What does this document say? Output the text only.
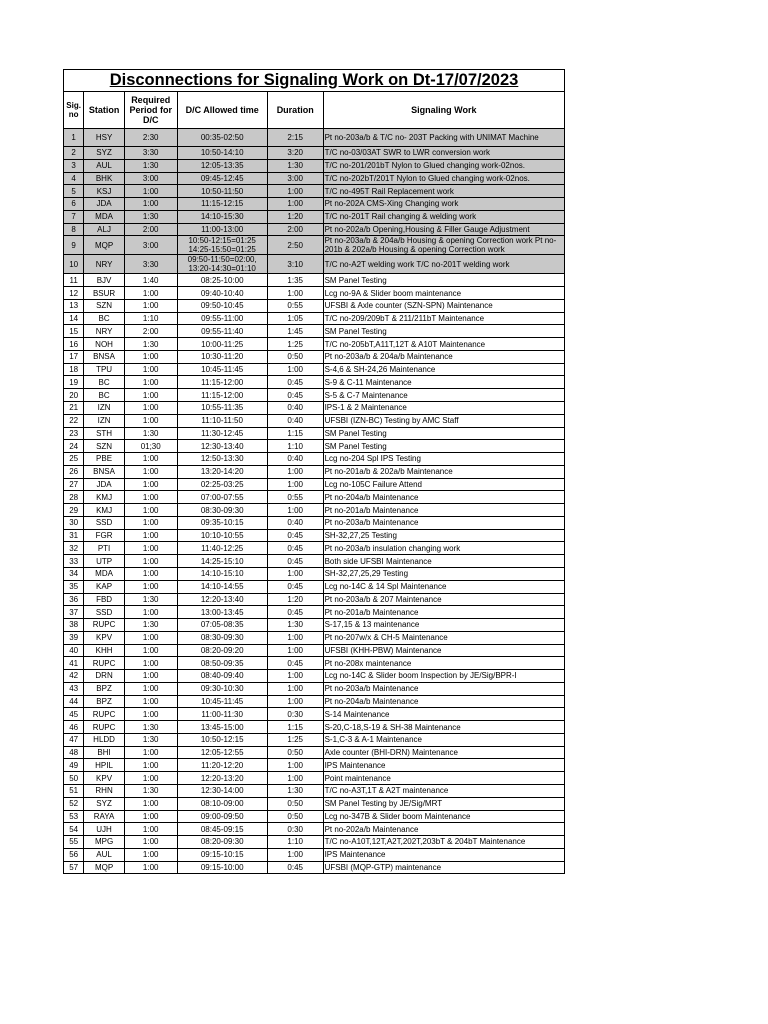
Disconnections for Signaling Work on Dt-17/07/2023					
Sig. no	Station	Required Period for D/C	D/C Allowed time	Duration	Signaling Work
1	HSY	2:30	00:35-02:50	2:15	Pt no-203a/b & T/C no- 203T Packing with UNIMAT Machine
2	SYZ	3:30	10:50-14:10	3:20	T/C no-03/03AT SWR to LWR conversion work
3	AUL	1:30	12:05-13:35	1:30	T/C no-201/201bT Nylon to Glued changing work-02nos.
4	BHK	3:00	09:45-12:45	3:00	T/C no-202bT/201T Nylon to Glued changing work-02nos.
5	KSJ	1:00	10:50-11:50	1:00	T/C no-495T Rail Replacement work
6	JDA	1:00	11:15-12:15	1:00	Pt no-202A CMS-Xing Changing work
7	MDA	1:30	14:10-15:30	1:20	T/C no-201T Rail changing & welding work
8	ALJ	2:00	11:00-13:00	2:00	Pt no-202a/b Opening,Housing & Filler Gauge Adjustment
9	MQP	3:00	10:50-12:15=01:25 14:25-15:50=01:25	2:50	Pt no-203a/b & 204a/b Housing & opening Correction work Pt no-201b & 202a/b Housing & opening Correction work
10	NRY	3:30	09:50-11:50=02:00, 13:20-14:30=01:10	3:10	T/C no-A2T welding work T/C no-201T welding work
11	BJV	1:40	08:25-10:00	1:35	SM Panel Testing
12	BSUR	1:00	09:40-10:40	1:00	Lcg no-9A & Slider boom maintenance
13	SZN	1:00	09:50-10:45	0:55	UFSBI & Axle counter (SZN-SPN) Maintenance
14	BC	1:10	09:55-11:00	1:05	T/C no-209/209bT & 211/211bT Maintenance
15	NRY	2:00	09:55-11:40	1:45	SM Panel Testing
16	NOH	1:30	10:00-11:25	1:25	T/C no-205bT,A11T,12T & A10T Maintenance
17	BNSA	1:00	10:30-11:20	0:50	Pt no-203a/b & 204a/b Maintenance
18	TPU	1:00	10:45-11:45	1:00	S-4,6 & SH-24,26 Maintenance
19	BC	1:00	11:15-12:00	0:45	S-9 & C-11 Maintenance
20	BC	1:00	11:15-12:00	0:45	S-5 & C-7 Maintenance
21	IZN	1:00	10:55-11:35	0:40	IPS-1 & 2 Maintenance
22	IZN	1:00	11:10-11:50	0:40	UFSBI (IZN-BC) Testing by AMC Staff
23	STH	1:30	11:30-12:45	1:15	SM Panel Testing
24	SZN	01;30	12:30-13:40	1:10	SM Panel Testing
25	PBE	1:00	12:50-13:30	0:40	Lcg no-204 Spl IPS Testing
26	BNSA	1:00	13:20-14:20	1:00	Pt no-201a/b & 202a/b Maintenance
27	JDA	1:00	02:25-03:25	1:00	Lcg no-105C Failure Attend
28	KMJ	1:00	07:00-07:55	0:55	Pt no-204a/b Maintenance
29	KMJ	1:00	08:30-09:30	1:00	Pt no-201a/b Maintenance
30	SSD	1:00	09:35-10:15	0:40	Pt no-203a/b Maintenance
31	FGR	1:00	10:10-10:55	0:45	SH-32,27,25 Testing
32	PTI	1:00	11:40-12:25	0:45	Pt no-203a/b insulation changing work
33	UTP	1:00	14:25-15:10	0:45	Both side UFSBI Maintenance
34	MDA	1:00	14:10-15:10	1:00	SH-32,27,25,29 Testing
35	KAP	1:00	14:10-14:55	0:45	Lcg no-14C & 14 Spl Maintenance
36	FBD	1:30	12:20-13:40	1:20	Pt no-203a/b & 207 Maintenance
37	SSD	1:00	13:00-13:45	0:45	Pt no-201a/b Maintenance
38	RUPC	1:30	07:05-08:35	1:30	S-17,15 & 13 maintenance
39	KPV	1:00	08:30-09:30	1:00	Pt no-207w/x & CH-5 Maintenance
40	KHH	1:00	08:20-09:20	1:00	UFSBI (KHH-PBW) Maintenance
41	RUPC	1:00	08:50-09:35	0:45	Pt no-208x maintenance
42	DRN	1:00	08:40-09:40	1:00	Lcg no-14C & Slider boom Inspection by JE/Sig/BPR-I
43	BPZ	1:00	09:30-10:30	1:00	Pt no-203a/b Maintenance
44	BPZ	1:00	10:45-11:45	1:00	Pt no-204a/b Maintenance
45	RUPC	1:00	11:00-11:30	0:30	S-14 Maintenance
46	RUPC	1:30	13:45-15:00	1:15	S-20,C-18,S-19 & SH-38 Maintenance
47	HLDD	1:30	10:50-12:15	1:25	S-1,C-3 & A-1 Maintenance
48	BHI	1:00	12:05-12:55	0:50	Axle counter (BHI-DRN) Maintenance
49	HPIL	1:00	11:20-12:20	1:00	IPS Maintenance
50	KPV	1:00	12:20-13:20	1:00	Point maintenance
51	RHN	1:30	12:30-14:00	1:30	T/C no-A3T,1T & A2T maintenance
52	SYZ	1:00	08:10-09:00	0:50	SM Panel Testing by JE/Sig/MRT
53	RAYA	1:00	09:00-09:50	0:50	Lcg no-347B & Slider boom Maintenance
54	UJH	1:00	08:45-09:15	0:30	Pt no-202a/b Maintenance
55	MPG	1:00	08:20-09:30	1:10	T/C no-A10T,12T,A2T,202T,203bT & 204bT Maintenance
56	AUL	1:00	09:15-10:15	1:00	IPS Maintenance
57	MQP	1:00	09:15-10:00	0:45	UFSBI (MQP-GTP) maintenance
